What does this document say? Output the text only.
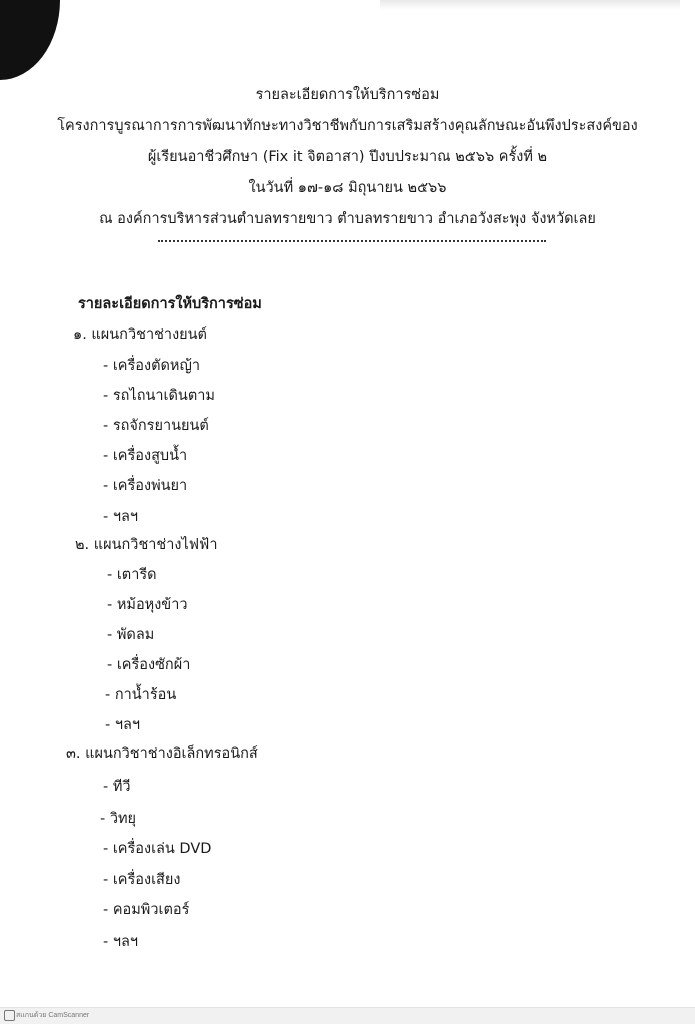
รายละเอียดการให้บริการซ่อม
โครงการบูรณาการการพัฒนาทักษะทางวิชาชีพกับการเสริมสร้างคุณลักษณะอันพึงประสงค์ของ
ผู้เรียนอาชีวศึกษา (Fix it จิตอาสา) ปีงบประมาณ ๒๕๖๖ ครั้งที่ ๒
ในวันที่ ๑๗-๑๘ มิถุนายน ๒๕๖๖
ณ องค์การบริหารส่วนตำบลทรายขาว ตำบลทรายขาว อำเภอวังสะพุง จังหวัดเลย
รายละเอียดการให้บริการซ่อม
๑. แผนกวิชาช่างยนต์
- เครื่องตัดหญ้า
- รถไถนาเดินตาม
- รถจักรยานยนต์
- เครื่องสูบน้ำ
- เครื่องพ่นยา
- ฯลฯ
๒. แผนกวิชาช่างไฟฟ้า
- เตารีด
- หม้อหุงข้าว
- พัดลม
- เครื่องซักผ้า
- กาน้ำร้อน
- ฯลฯ
๓. แผนกวิชาช่างอิเล็กทรอนิกส์
- ทีวี
- วิทยุ
- เครื่องเล่น DVD
- เครื่องเสียง
- คอมพิวเตอร์
- ฯลฯ
สแกนด้วย CamScanner
